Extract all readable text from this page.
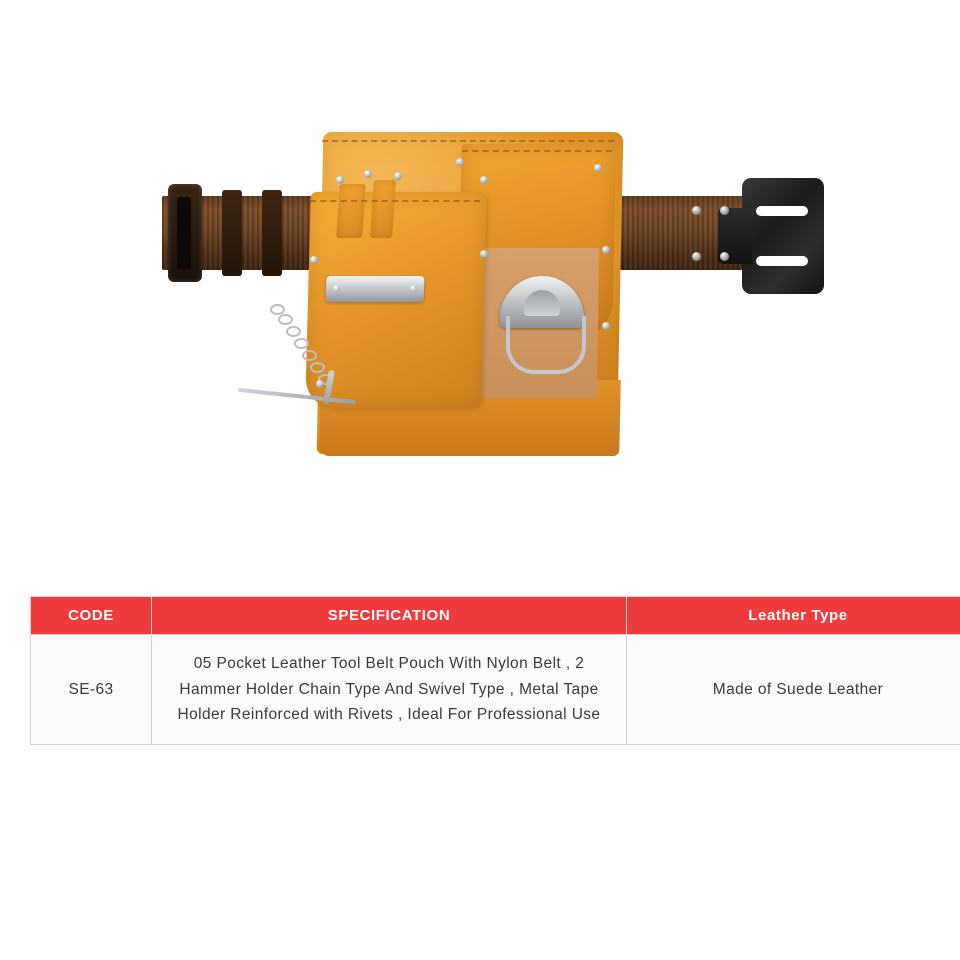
CODE	SPECIFICATION	Leather Type
SE-63	05 Pocket Leather Tool Belt Pouch With Nylon Belt , 2 Hammer Holder Chain Type And Swivel Type , Metal Tape Holder Reinforced with Rivets , Ideal For Professional Use	Made of Suede Leather
